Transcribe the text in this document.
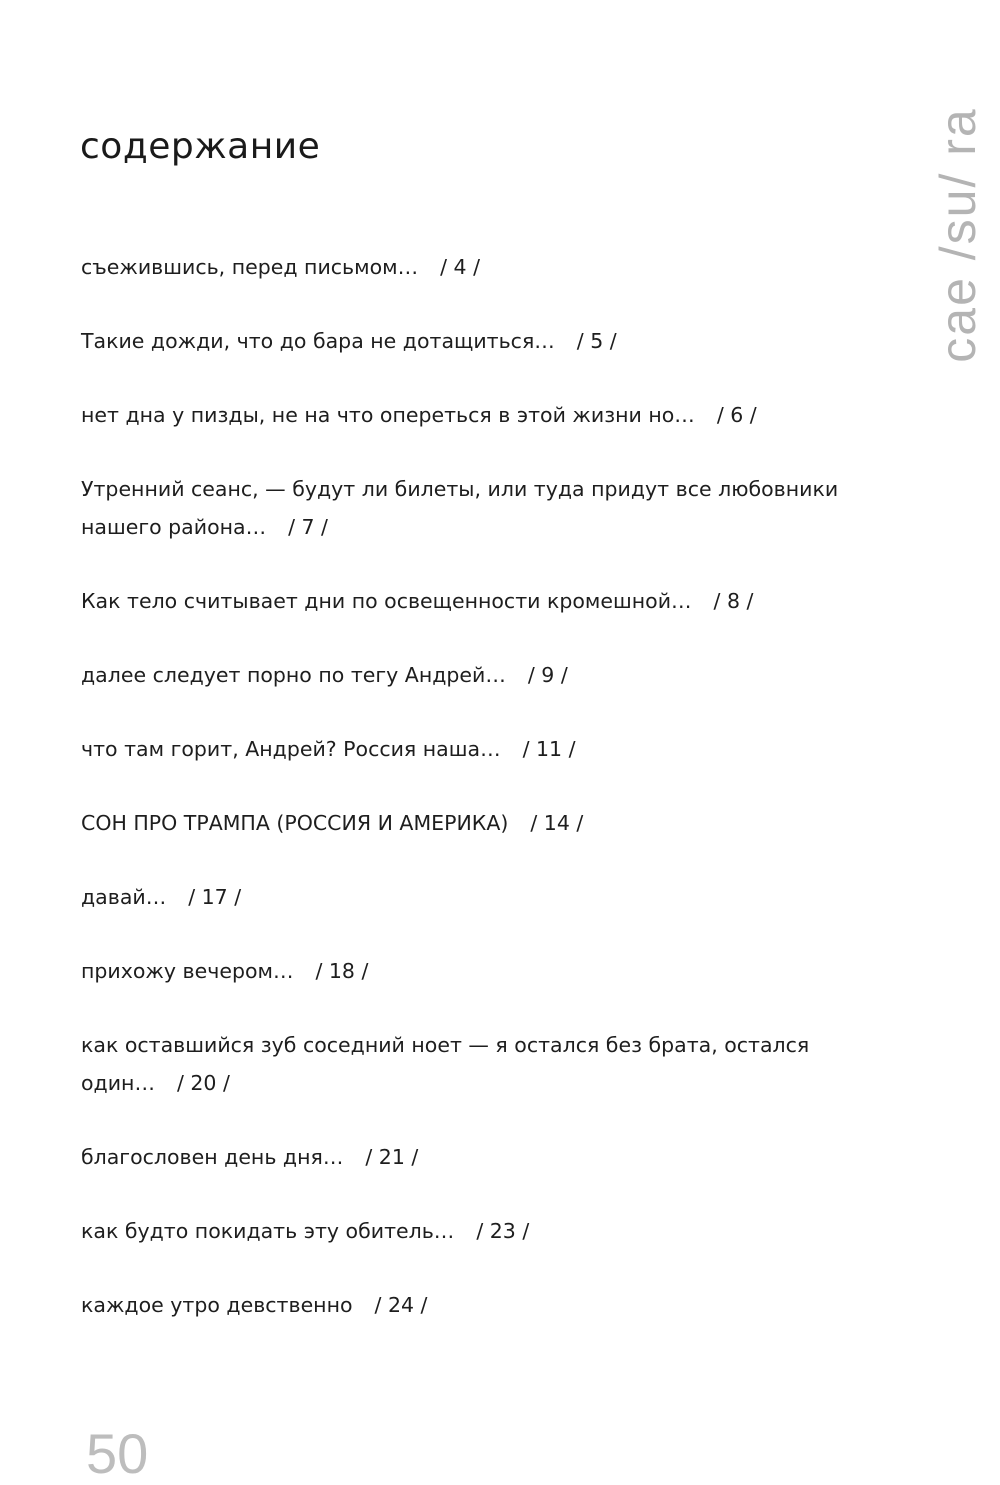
содержание	cae /su/ ra
съежившись, перед письмом… / 4 /
Такие дожди, что до бара не дотащиться… / 5 /
нет дна у пизды, не на что опереться в этой жизни но… / 6 /
Утренний сеанс, — будут ли билеты, или туда придут все любовники нашего района… / 7 /
Как тело считывает дни по освещенности кромешной… / 8 /
далее следует порно по тегу Андрей… / 9 /
что там горит, Андрей? Россия наша… / 11 /
СОН ПРО ТРАМПА (РОССИЯ И АМЕРИКА) / 14 /
давай… / 17 /
прихожу вечером… / 18 /
как оставшийся зуб соседний ноет — я остался без брата, остался один… / 20 /
благословен день дня… / 21 /
как будто покидать эту обитель… / 23 /
каждое утро девственно / 24 /
50
